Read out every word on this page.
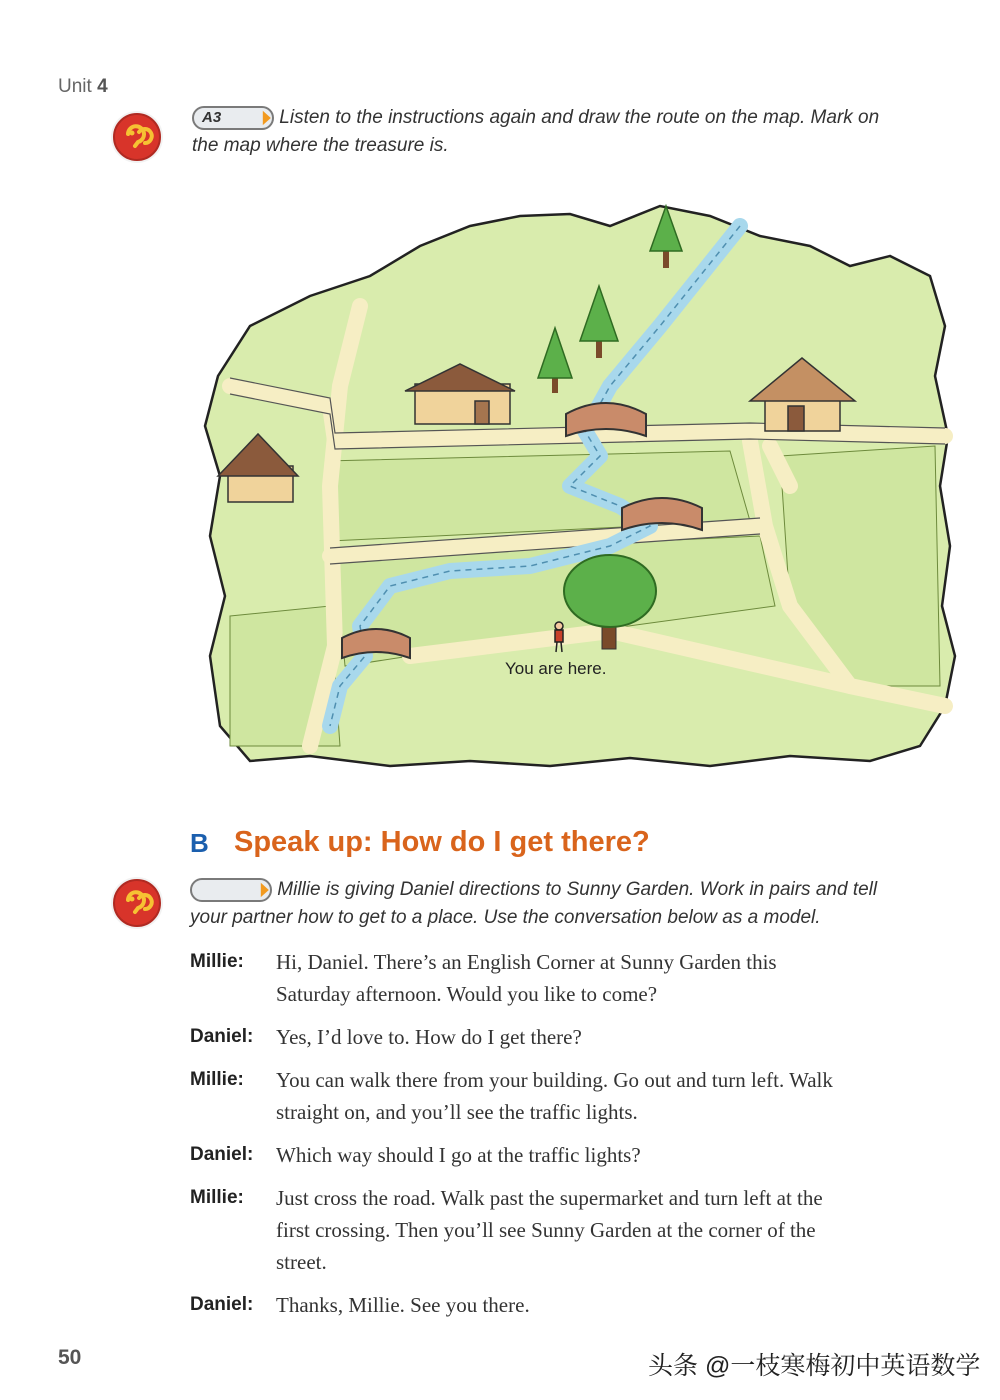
Unit 4
A3	Listen to the instructions again and draw the route on the map. Mark on
the map where the treasure is.
You are here.
B Speak up: How do I get there?
Millie is giving Daniel directions to Sunny Garden. Work in pairs and tell
your partner how to get to a place. Use the conversation below as a model.
Millie:	Hi, Daniel. There’s an English Corner at Sunny Garden this
Saturday afternoon. Would you like to come?
Daniel:	Yes, I’d love to. How do I get there?
Millie:	You can walk there from your building. Go out and turn left. Walk
straight on, and you’ll see the traffic lights.
Daniel:	Which way should I go at the traffic lights?
Millie:	Just cross the road. Walk past the supermarket and turn left at the
first crossing. Then you’ll see Sunny Garden at the corner of the
street.
Daniel:	Thanks, Millie. See you there.
50	头条 @一枝寒梅初中英语数学
